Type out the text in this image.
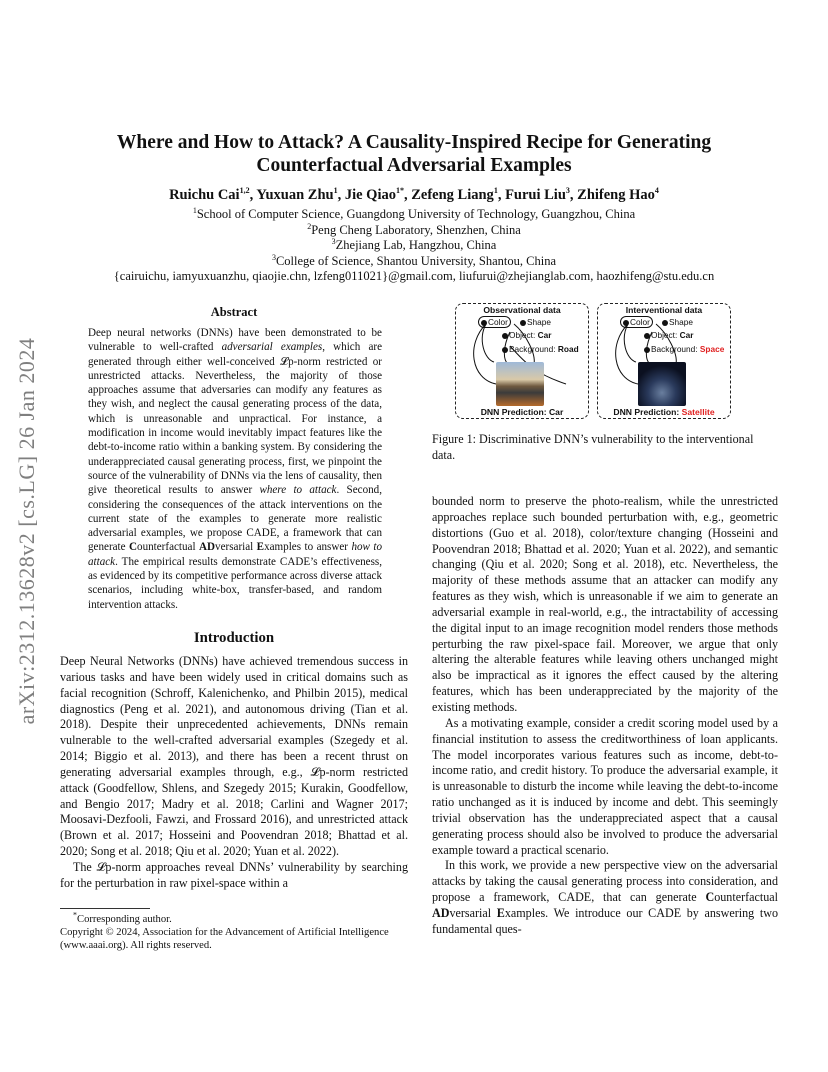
arXiv:2312.13628v2 [cs.LG] 26 Jan 2024
Where and How to Attack? A Causality-Inspired Recipe for Generating
Counterfactual Adversarial Examples
Ruichu Cai$^{1,2}$, Yuxuan Zhu$^1$, Jie Qiao$^{1*}$, Zefeng Liang$^1$, Furui Liu$^3$, Zhifeng Hao$^4$
$^1$School of Computer Science, Guangdong University of Technology, Guangzhou, China
$^2$Peng Cheng Laboratory, Shenzhen, China
$^3$Zhejiang Lab, Hangzhou, China
$^3$College of Science, Shantou University, Shantou, China
{cairuichu, iamyuxuanzhu, qiaojie.chn, lzfeng011021}@gmail.com, liufurui@zhejianglab.com, haozhifeng@stu.edu.cn
Abstract
Deep neural networks (DNNs) have been demonstrated to be vulnerable to well-crafted adversarial examples, which are generated through either well-conceived 𝓛p-norm restricted or unrestricted attacks. Nevertheless, the majority of those approaches assume that adversaries can modify any features as they wish, and neglect the causal generating process of the data, which is unreasonable and unpractical. For instance, a modification in income would inevitably impact features like the debt-to-income ratio within a banking system. By considering the underappreciated causal generating process, first, we pinpoint the source of the vulnerability of DNNs via the lens of causality, then give theoretical results to answer where to attack. Second, considering the consequences of the attack interventions on the current state of the examples to generate more realistic adversarial examples, we propose CADE, a framework that can generate Counterfactual ADversarial Examples to answer how to attack. The empirical results demonstrate CADE’s effectiveness, as evidenced by its competitive performance across diverse attack scenarios, including white-box, transfer-based, and random intervention attacks.
Introduction

Deep Neural Networks (DNNs) have achieved tremendous success in various tasks and have been widely used in critical domains such as facial recognition (Schroff, Kalenichenko, and Philbin 2015), medical diagnostics (Peng et al. 2021), and autonomous driving (Tian et al. 2018). Despite their unprecedented achievements, DNNs remain vulnerable to the well-crafted adversarial examples (Szegedy et al. 2014; Biggio et al. 2013), and there has been a recent thrust on generating adversarial examples through, e.g., 𝓛p-norm restricted attack (Goodfellow, Shlens, and Szegedy 2015; Kurakin, Goodfellow, and Bengio 2017; Madry et al. 2018; Carlini and Wagner 2017; Moosavi-Dezfooli, Fawzi, and Frossard 2016), and unrestricted attack (Brown et al. 2017; Hosseini and Poovendran 2018; Bhattad et al. 2020; Song et al. 2018; Qiu et al. 2020; Yuan et al. 2022).

The 𝓛p-norm approaches reveal DNNs’ vulnerability by searching for the perturbation in raw pixel-space within a

*Corresponding author.
Copyright © 2024, Association for the Advancement of Artificial Intelligence (www.aaai.org). All rights reserved.
Observational data
Color	Shape
Object: Car
Background: Road
DNN Prediction: Car
Interventional data
Color	Shape
Object: Car
Background: Space
DNN Prediction: Satellite
Figure 1: Discriminative DNN’s vulnerability to the interventional data.

bounded norm to preserve the photo-realism, while the unrestricted approaches replace such bounded perturbation with, e.g., geometric distortions (Guo et al. 2018), color/texture changing (Hosseini and Poovendran 2018; Bhattad et al. 2020; Yuan et al. 2022), and semantic changing (Qiu et al. 2020; Song et al. 2018), etc. Nevertheless, the majority of these methods assume that an attacker can modify any features as they wish, which is unreasonable if we aim to generate an adversarial example in real-world, e.g., the intractability of accessing the digital input to an image recognition model renders those methods perturbing the raw pixel-space fail. Moreover, we argue that only altering the alterable features while leaving others unchanged might also be impractical as it ignores the effect caused by the altering features, which has been underappreciated by the majority of the existing methods.

As a motivating example, consider a credit scoring model used by a financial institution to assess the creditworthiness of loan applicants. The model incorporates various features such as income, debt-to-income ratio, and credit history. To produce the adversarial example, it is unreasonable to disturb the income while leaving the debt-to-income ratio unchanged as it is induced by income and debt. This seemingly trivial observation has the underappreciated aspect that a causal generating process should also be involved to produce the adversarial example toward a practical scenario.

In this work, we provide a new perspective view on the adversarial attacks by taking the causal generating process into consideration, and propose a framework, CADE, that can generate Counterfactual ADversarial Examples. We introduce our CADE by answering two fundamental ques-
